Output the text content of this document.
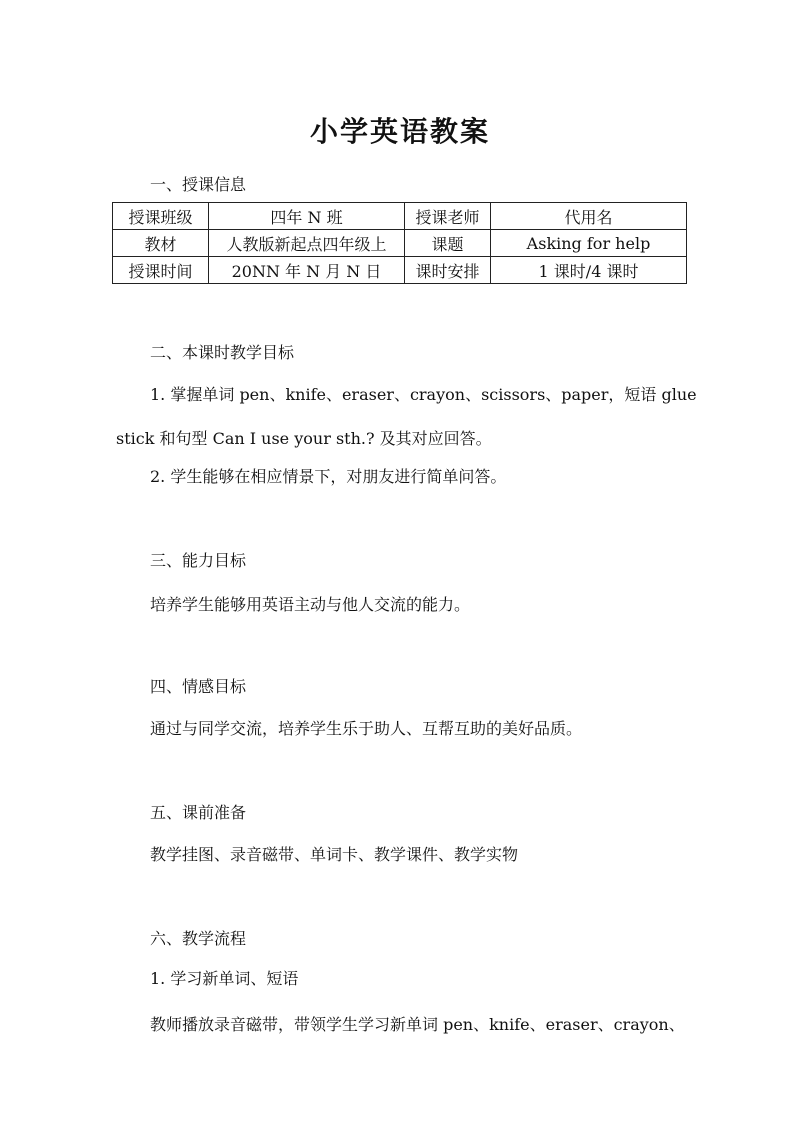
小学英语教案
一、授课信息
授课班级	四年 N 班	授课老师	代用名
教材	人教版新起点四年级上	课题	Asking for help
授课时间	20NN 年 N 月 N 日	课时安排	1 课时/4 课时
二、本课时教学目标
1. 掌握单词 pen、knife、eraser、crayon、scissors、paper，短语 glue
stick 和句型 Can I use your sth.? 及其对应回答。
2. 学生能够在相应情景下，对朋友进行简单问答。
三、能力目标
培养学生能够用英语主动与他人交流的能力。
四、情感目标
通过与同学交流，培养学生乐于助人、互帮互助的美好品质。
五、课前准备
教学挂图、录音磁带、单词卡、教学课件、教学实物
六、教学流程
1. 学习新单词、短语
教师播放录音磁带，带领学生学习新单词 pen、knife、eraser、crayon、
